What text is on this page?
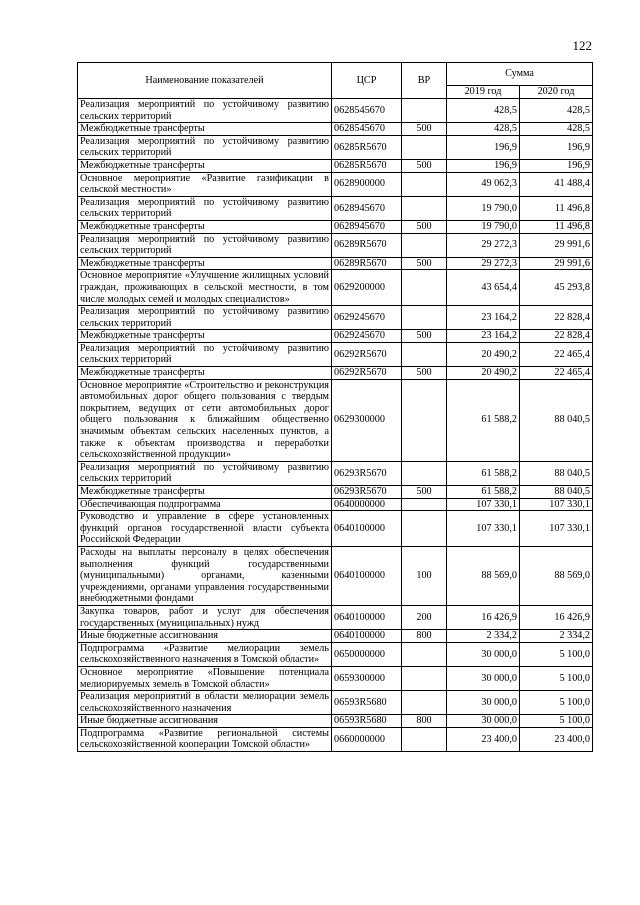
122
Наименование показателей	ЦСР	ВР	Сумма	
			2019 год	2020 год
Реализация мероприятий по устойчивому развитию сельских территорий	0628545670		428,5	428,5
Межбюджетные трансферты	0628545670	500	428,5	428,5
Реализация мероприятий по устойчивому развитию сельских территорий	06285R5670		196,9	196,9
Межбюджетные трансферты	06285R5670	500	196,9	196,9
Основное мероприятие «Развитие газификации в сельской местности»	0628900000		49 062,3	41 488,4
Реализация мероприятий по устойчивому развитию сельских территорий	0628945670		19 790,0	11 496,8
Межбюджетные трансферты	0628945670	500	19 790,0	11 496,8
Реализация мероприятий по устойчивому развитию сельских территорий	06289R5670		29 272,3	29 991,6
Межбюджетные трансферты	06289R5670	500	29 272,3	29 991,6
Основное мероприятие «Улучшение жилищных условий граждан, проживающих в сельской местности, в том числе молодых семей и молодых специалистов»	0629200000		43 654,4	45 293,8
Реализация мероприятий по устойчивому развитию сельских территорий	0629245670		23 164,2	22 828,4
Межбюджетные трансферты	0629245670	500	23 164,2	22 828,4
Реализация мероприятий по устойчивому развитию сельских территорий	06292R5670		20 490,2	22 465,4
Межбюджетные трансферты	06292R5670	500	20 490,2	22 465,4
Основное мероприятие «Строительство и реконструкция автомобильных дорог общего пользования с твердым покрытием, ведущих от сети автомобильных дорог общего пользования к ближайшим общественно значимым объектам сельских населенных пунктов, а также к объектам производства и переработки сельскохозяйственной продукции»	0629300000		61 588,2	88 040,5
Реализация мероприятий по устойчивому развитию сельских территорий	06293R5670		61 588,2	88 040,5
Межбюджетные трансферты	06293R5670	500	61 588,2	88 040,5
Обеспечивающая подпрограмма	0640000000		107 330,1	107 330,1
Руководство и управление в сфере установленных функций органов государственной власти субъекта Российской Федерации	0640100000		107 330,1	107 330,1
Расходы на выплаты персоналу в целях обеспечения выполнения функций государственными (муниципальными) органами, казенными учреждениями, органами управления государственными внебюджетными фондами	0640100000	100	88 569,0	88 569,0
Закупка товаров, работ и услуг для обеспечения государственных (муниципальных) нужд	0640100000	200	16 426,9	16 426,9
Иные бюджетные ассигнования	0640100000	800	2 334,2	2 334,2
Подпрограмма «Развитие мелиорации земель сельскохозяйственного назначения в Томской области»	0650000000		30 000,0	5 100,0
Основное мероприятие «Повышение потенциала мелиорируемых земель в Томской области»	0659300000		30 000,0	5 100,0
Реализация мероприятий в области мелиорации земель сельскохозяйственного назначения	06593R5680		30 000,0	5 100,0
Иные бюджетные ассигнования	06593R5680	800	30 000,0	5 100,0
Подпрограмма «Развитие региональной системы сельскохозяйственной кооперации Томской области»	0660000000		23 400,0	23 400,0
